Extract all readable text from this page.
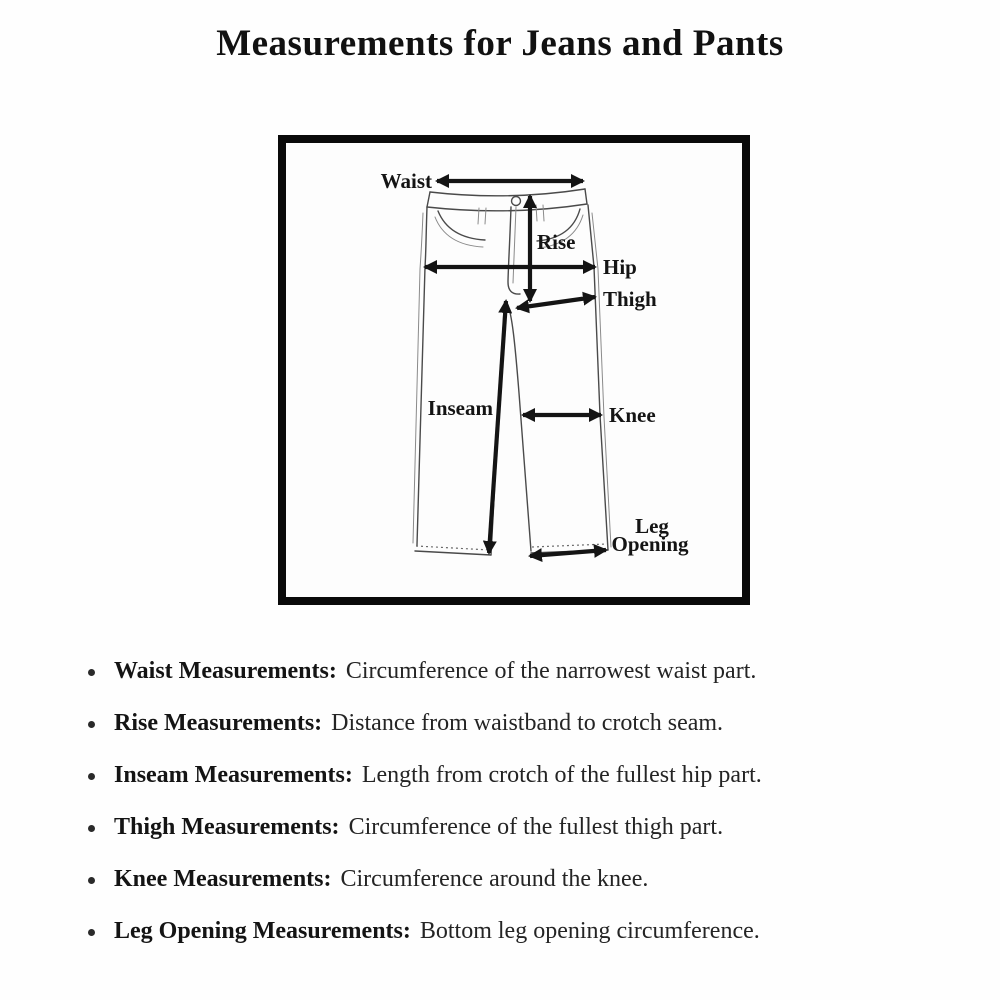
Measurements for Jeans and Pants
Waist
Rise
Hip
Thigh
Inseam	Knee
Leg
Opening
Waist Measurements: Circumference of the narrowest waist part.
Rise Measurements: Distance from waistband to crotch seam.
Inseam Measurements: Length from crotch of the fullest hip part.
Thigh Measurements: Circumference of the fullest thigh part.
Knee Measurements: Circumference around the knee.
Leg Opening Measurements: Bottom leg opening circumference.
